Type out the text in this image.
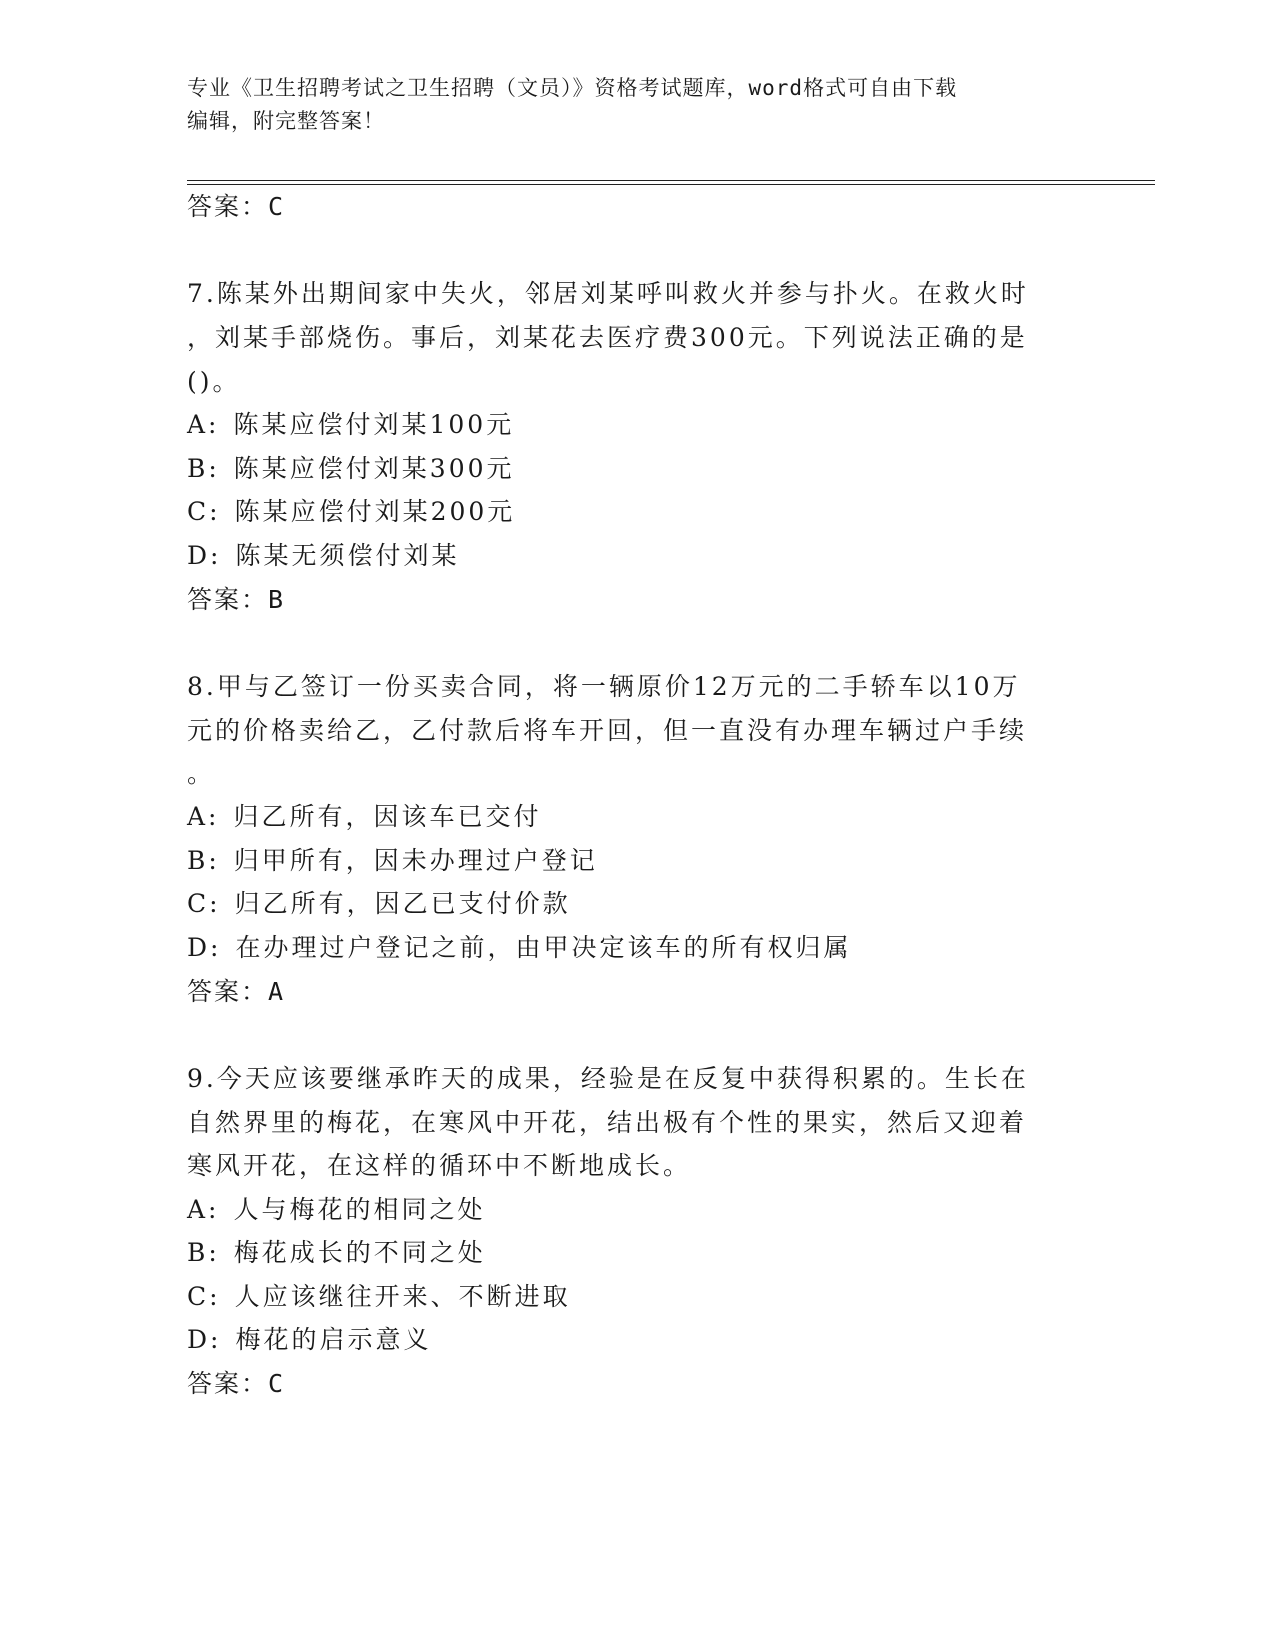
专业《卫生招聘考试之卫生招聘（文员）》资格考试题库，word格式可自由下载
编辑，附完整答案！
答案：C
7.陈某外出期间家中失火，邻居刘某呼叫救火并参与扑火。在救火时
，刘某手部烧伤。事后，刘某花去医疗费300元。下列说法正确的是
()。
A: 陈某应偿付刘某100元
B: 陈某应偿付刘某300元
C: 陈某应偿付刘某200元
D: 陈某无须偿付刘某
答案：B
8.甲与乙签订一份买卖合同，将一辆原价12万元的二手轿车以10万
元的价格卖给乙，乙付款后将车开回，但一直没有办理车辆过户手续
。
A: 归乙所有，因该车已交付
B: 归甲所有，因未办理过户登记
C: 归乙所有，因乙已支付价款
D: 在办理过户登记之前，由甲决定该车的所有权归属
答案：A
9.今天应该要继承昨天的成果，经验是在反复中获得积累的。生长在
自然界里的梅花，在寒风中开花，结出极有个性的果实，然后又迎着
寒风开花，在这样的循环中不断地成长。
A: 人与梅花的相同之处
B: 梅花成长的不同之处
C: 人应该继往开来、不断进取
D: 梅花的启示意义
答案：C
